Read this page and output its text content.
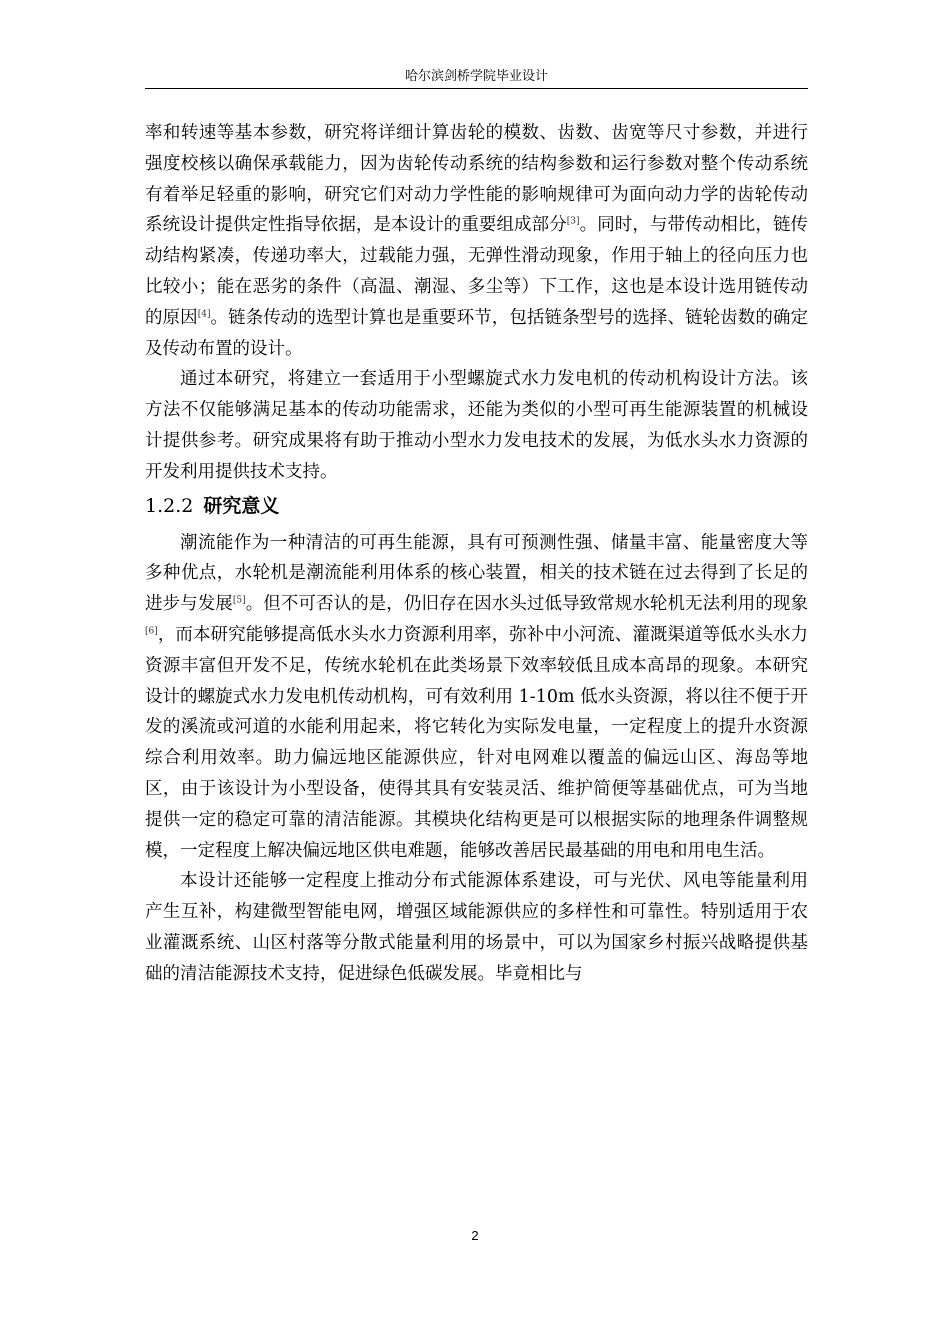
哈尔滨剑桥学院毕业设计

率和转速等基本参数，研究将详细计算齿轮的模数、齿数、齿宽等尺寸参数，并进行强度校核以确保承载能力，因为齿轮传动系统的结构参数和运行参数对整个传动系统有着举足轻重的影响，研究它们对动力学性能的影响规律可为面向动力学的齿轮传动系统设计提供定性指导依据，是本设计的重要组成部分[3]。同时，与带传动相比，链传动结构紧凑，传递功率大，过载能力强，无弹性滑动现象，作用于轴上的径向压力也比较小；能在恶劣的条件（高温、潮湿、多尘等）下工作，这也是本设计选用链传动的原因[4]。链条传动的选型计算也是重要环节，包括链条型号的选择、链轮齿数的确定及传动布置的设计。

通过本研究，将建立一套适用于小型螺旋式水力发电机的传动机构设计方法。该方法不仅能够满足基本的传动功能需求，还能为类似的小型可再生能源装置的机械设计提供参考。研究成果将有助于推动小型水力发电技术的发展，为低水头水力资源的开发利用提供技术支持。

1.2.2 研究意义

潮流能作为一种清洁的可再生能源，具有可预测性强、储量丰富、能量密度大等多种优点，水轮机是潮流能利用体系的核心装置，相关的技术链在过去得到了长足的进步与发展[5]。但不可否认的是，仍旧存在因水头过低导致常规水轮机无法利用的现象[6]，而本研究能够提高低水头水力资源利用率，弥补中小河流、灌溉渠道等低水头水力资源丰富但开发不足，传统水轮机在此类场景下效率较低且成本高昂的现象。本研究设计的螺旋式水力发电机传动机构，可有效利用 1-10m 低水头资源，将以往不便于开发的溪流或河道的水能利用起来，将它转化为实际发电量，一定程度上的提升水资源综合利用效率。助力偏远地区能源供应，针对电网难以覆盖的偏远山区、海岛等地区，由于该设计为小型设备，使得其具有安装灵活、维护简便等基础优点，可为当地提供一定的稳定可靠的清洁能源。其模块化结构更是可以根据实际的地理条件调整规模，一定程度上解决偏远地区供电难题，能够改善居民最基础的用电和用电生活。

本设计还能够一定程度上推动分布式能源体系建设，可与光伏、风电等能量利用产生互补，构建微型智能电网，增强区域能源供应的多样性和可靠性。特别适用于农业灌溉系统、山区村落等分散式能量利用的场景中，可以为国家乡村振兴战略提供基础的清洁能源技术支持，促进绿色低碳发展。毕竟相比与

2
